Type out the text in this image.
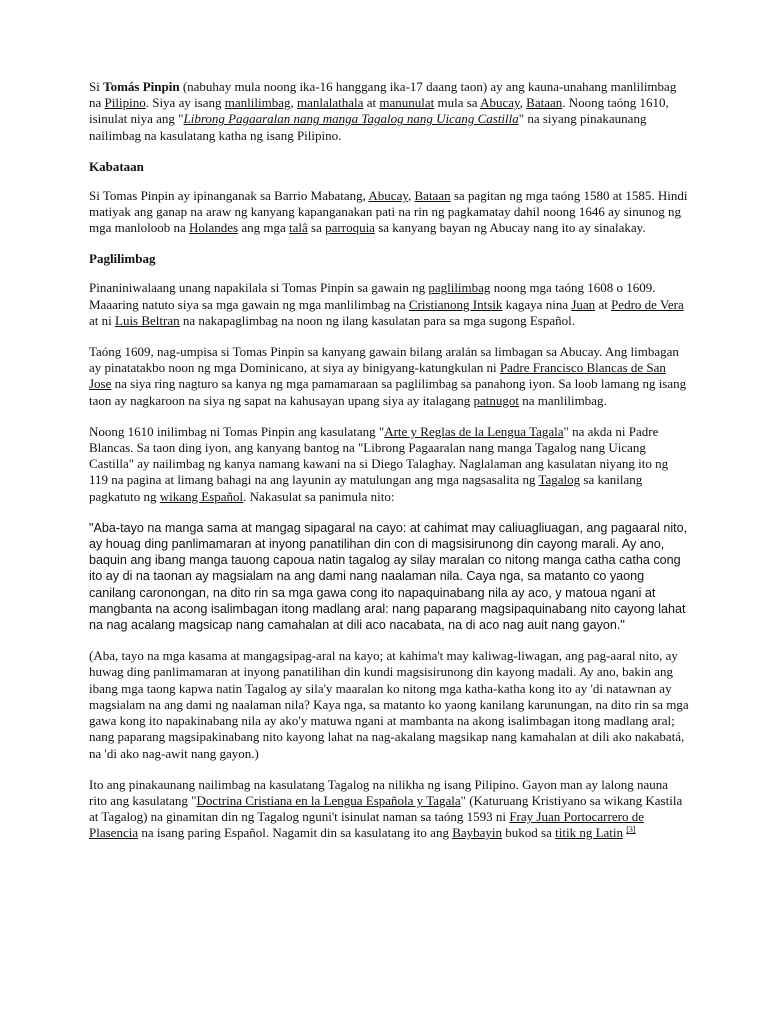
Si Tomás Pinpin (nabuhay mula noong ika-16 hanggang ika-17 daang taon) ay ang kauna-unahang manlilimbag na Pilipino. Siya ay isang manlilimbag, manlalathala at manunulat mula sa Abucay, Bataan. Noong taóng 1610, isinulat niya ang "Librong Pagaaralan nang manga Tagalog nang Uicang Castilla" na siyang pinakaunang nailimbag na kasulatang katha ng isang Pilipino.

Kabataan

Si Tomas Pinpin ay ipinanganak sa Barrio Mabatang, Abucay, Bataan sa pagitan ng mga taóng 1580 at 1585. Hindi matiyak ang ganap na araw ng kanyang kapanganakan pati na rin ng pagkamatay dahil noong 1646 ay sinunog ng mga manloloob na Holandes ang mga talâ sa parroquia sa kanyang bayan ng Abucay nang ito ay sinalakay.

Paglilimbag

Pinaniniwalaang unang napakilala si Tomas Pinpin sa gawain ng paglilimbag noong mga taóng 1608 o 1609. Maaaring natuto siya sa mga gawain ng mga manlilimbag na Cristianong Intsik kagaya nina Juan at Pedro de Vera at ni Luis Beltran na nakapaglimbag na noon ng ilang kasulatan para sa mga sugong Español.

Taóng 1609, nag-umpisa si Tomas Pinpin sa kanyang gawain bilang aralán sa limbagan sa Abucay. Ang limbagan ay pinatatakbo noon ng mga Dominicano, at siya ay binigyang-katungkulan ni Padre Francisco Blancas de San Jose na siya ring nagturo sa kanya ng mga pamamaraan sa paglilimbag sa panahong iyon. Sa loob lamang ng isang taon ay nagkaroon na siya ng sapat na kahusayan upang siya ay italagang patnugot na manlilimbag.

Noong 1610 inilimbag ni Tomas Pinpin ang kasulatang "Arte y Reglas de la Lengua Tagala" na akda ni Padre Blancas. Sa taon ding iyon, ang kanyang bantog na "Librong Pagaaralan nang manga Tagalog nang Uicang Castilla" ay nailimbag ng kanya namang kawani na si Diego Talaghay. Naglalaman ang kasulatan niyang ito ng 119 na pagina at limang bahagi na ang layunin ay matulungan ang mga nagsasalita ng Tagalog sa kanilang pagkatuto ng wikang Español. Nakasulat sa panimula nito:

"Aba-tayo na manga sama at mangag sipagaral na cayo: at cahimat may caliuagliuagan, ang pagaaral nito, ay houag ding panlimamaran at inyong panatilihan din con di magsisirunong din cayong marali. Ay ano, baquin ang ibang manga tauong capoua natin tagalog ay silay maralan co nitong manga catha catha cong ito ay di na taonan ay magsialam na ang dami nang naalaman nila. Caya nga, sa matanto co yaong canilang caronongan, na dito rin sa mga gawa cong ito napaquinabang nila ay aco, y matoua ngani at mangbanta na acong isalimbagan itong madlang aral: nang paparang magsipaquinabang nito cayong lahat na nag acalang magsicap nang camahalan at dili aco nacabata, na di aco nag auit nang gayon."

(Aba, tayo na mga kasama at mangagsipag-aral na kayo; at kahima't may kaliwag-liwagan, ang pag-aaral nito, ay huwag ding panlimamaran at inyong panatilihan din kundi magsisirunong din kayong madali. Ay ano, bakin ang ibang mga taong kapwa natin Tagalog ay sila'y maaralan ko nitong mga katha-katha kong ito ay 'di natawnan ay magsialam na ang dami ng naalaman nila? Kaya nga, sa matanto ko yaong kanilang karunungan, na dito rin sa mga gawa kong ito napakinabang nila ay ako'y matuwa ngani at mambanta na akong isalimbagan itong madlang aral; nang paparang magsipakinabang nito kayong lahat na nag-akalang magsikap nang kamahalan at dili ako nakabatá, na 'di ako nag-awit nang gayon.)

Ito ang pinakaunang nailimbag na kasulatang Tagalog na nilikha ng isang Pilipino. Gayon man ay lalong nauna rito ang kasulatang "Doctrina Cristiana en la Lengua Española y Tagala" (Katuruang Kristiyano sa wikang Kastila at Tagalog) na ginamitan din ng Tagalog nguni't isinulat naman sa taóng 1593 ni Fray Juan Portocarrero de Plasencia na isang paring Español. Nagamit din sa kasulatang ito ang Baybayin bukod sa titik ng Latin [3]
